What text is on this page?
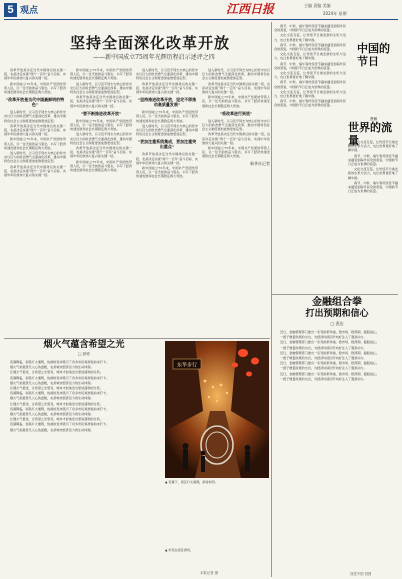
5 观点	江西日报	主编 责编 美编
2024年 星期
坚持全面深化改革开放
——新中国成立75周年光辉历程启示述评之四

改革开放是决定当代中国命运的关键一招，也是决定实现“两个一百年”奋斗目标、实现中华民族伟大复兴的关键一招。

新中国成立75年来，中国共产党团结带领人民，以一往无前的奋斗姿态，书写了经济快速发展和社会长期稳定两大奇迹。

“改革开放是当代中国最鲜明的特色”

进入新时代，以习近平同志为核心的党中央以巨大的政治勇气全面深化改革，推动中国特色社会主义制度更加成熟更加定型。

改革开放是决定当代中国命运的关键一招，也是决定实现“两个一百年”奋斗目标、实现中华民族伟大复兴的关键一招。

新中国成立75年来，中国共产党团结带领人民，以一往无前的奋斗姿态，书写了经济快速发展和社会长期稳定两大奇迹。

进入新时代，以习近平同志为核心的党中央以巨大的政治勇气全面深化改革，推动中国特色社会主义制度更加成熟更加定型。

改革开放是决定当代中国命运的关键一招，也是决定实现“两个一百年”奋斗目标、实现中华民族伟大复兴的关键一招。

新中国成立75年来，中国共产党团结带领人民，以一往无前的奋斗姿态，书写了经济快速发展和社会长期稳定两大奇迹。

进入新时代，以习近平同志为核心的党中央以巨大的政治勇气全面深化改革，推动中国特色社会主义制度更加成熟更加定型。

改革开放是决定当代中国命运的关键一招，也是决定实现“两个一百年”奋斗目标、实现中华民族伟大复兴的关键一招。

“要不断推进改革开放”

新中国成立75年来，中国共产党团结带领人民，以一往无前的奋斗姿态，书写了经济快速发展和社会长期稳定两大奇迹。

进入新时代，以习近平同志为核心的党中央以巨大的政治勇气全面深化改革，推动中国特色社会主义制度更加成熟更加定型。

改革开放是决定当代中国命运的关键一招，也是决定实现“两个一百年”奋斗目标、实现中华民族伟大复兴的关键一招。

新中国成立75年来，中国共产党团结带领人民，以一往无前的奋斗姿态，书写了经济快速发展和社会长期稳定两大奇迹。

进入新时代，以习近平同志为核心的党中央以巨大的政治勇气全面深化改革，推动中国特色社会主义制度更加成熟更加定型。

改革开放是决定当代中国命运的关键一招，也是决定实现“两个一百年”奋斗目标、实现中华民族伟大复兴的关键一招。

“坚持推进改革开放，坚定不移推动高质量发展”

新中国成立75年来，中国共产党团结带领人民，以一往无前的奋斗姿态，书写了经济快速发展和社会长期稳定两大奇迹。

进入新时代，以习近平同志为核心的党中央以巨大的政治勇气全面深化改革，推动中国特色社会主义制度更加成熟更加定型。

“更加注重系统集成，更加注重突出重点”

改革开放是决定当代中国命运的关键一招，也是决定实现“两个一百年”奋斗目标、实现中华民族伟大复兴的关键一招。

新中国成立75年来，中国共产党团结带领人民，以一往无前的奋斗姿态，书写了经济快速发展和社会长期稳定两大奇迹。

进入新时代，以习近平同志为核心的党中央以巨大的政治勇气全面深化改革，推动中国特色社会主义制度更加成熟更加定型。

改革开放是决定当代中国命运的关键一招，也是决定实现“两个一百年”奋斗目标、实现中华民族伟大复兴的关键一招。

新中国成立75年来，中国共产党团结带领人民，以一往无前的奋斗姿态，书写了经济快速发展和社会长期稳定两大奇迹。

“将改革进行到底”

进入新时代，以习近平同志为核心的党中央以巨大的政治勇气全面深化改革，推动中国特色社会主义制度更加成熟更加定型。

改革开放是决定当代中国命运的关键一招，也是决定实现“两个一百年”奋斗目标、实现中华民族伟大复兴的关键一招。

新中国成立75年来，中国共产党团结带领人民，以一往无前的奋斗姿态，书写了经济快速发展和社会长期稳定两大奇迹。

新华社记者

春节、中秋、端午等传统佳节越来越受到海外民众的喜爱，中国的节日正成为世界的流量。

文化交流互鉴，让传统节日焕发新的生机与活力，也让世界更好地了解中国。

春节、中秋、端午等传统佳节越来越受到海外民众的喜爱，中国的节日正成为世界的流量。

文化交流互鉴，让传统节日焕发新的生机与活力，也让世界更好地了解中国。

春节、中秋、端午等传统佳节越来越受到海外民众的喜爱，中国的节日正成为世界的流量。

文化交流互鉴，让传统节日焕发新的生机与活力，也让世界更好地了解中国。

春节、中秋、端午等传统佳节越来越受到海外民众的喜爱，中国的节日正成为世界的流量。

文化交流互鉴，让传统节日焕发新的生机与活力，也让世界更好地了解中国。

春节、中秋、端午等传统佳节越来越受到海外民众的喜爱，中国的节日正成为世界的流量。

中国的节日
曹鹏
世界的流量

文化交流互鉴，让传统节日焕发新的生机与活力，也让世界更好地了解中国。

春节、中秋、端午等传统佳节越来越受到海外民众的喜爱，中国的节日正成为世界的流量。

文化交流互鉴，让传统节日焕发新的生机与活力，也让世界更好地了解中国。

春节、中秋、端午等传统佳节越来越受到海外民众的喜爱，中国的节日正成为世界的流量。

金融组合拳
打出预期和信心
□ 裴达

近日，金融管理部门推出一系列政策举措，稳市场、稳预期、提振信心。

一揽子增量政策的出台，为经济持续回升向好注入了强劲动力。

近日，金融管理部门推出一系列政策举措，稳市场、稳预期、提振信心。

一揽子增量政策的出台，为经济持续回升向好注入了强劲动力。

近日，金融管理部门推出一系列政策举措，稳市场、稳预期、提振信心。

一揽子增量政策的出台，为经济持续回升向好注入了强劲动力。

近日，金融管理部门推出一系列政策举措，稳市场、稳预期、提振信心。

一揽子增量政策的出台，为经济持续回升向好注入了强劲动力。

近日，金融管理部门推出一系列政策举措，稳市场、稳预期、提振信心。

一揽子增量政策的出台，为经济持续回升向好注入了强劲动力。

烟火气蕴含希望之光
□ 彭婷

夜幕降临，街巷灯火通明，热闹的夜市吸引了众多市民和游客前来打卡。

烟火气是最抚凡人心的温暖，也是城市经济活力的生动体现。

让烟火气更浓，让希望之光更亮，城市才能焕发出更加蓬勃的生机。

夜幕降临，街巷灯火通明，热闹的夜市吸引了众多市民和游客前来打卡。

烟火气是最抚凡人心的温暖，也是城市经济活力的生动体现。

让烟火气更浓，让希望之光更亮，城市才能焕发出更加蓬勃的生机。

夜幕降临，街巷灯火通明，热闹的夜市吸引了众多市民和游客前来打卡。

烟火气是最抚凡人心的温暖，也是城市经济活力的生动体现。

让烟火气更浓，让希望之光更亮，城市才能焕发出更加蓬勃的生机。

夜幕降临，街巷灯火通明，热闹的夜市吸引了众多市民和游客前来打卡。

烟火气是最抚凡人心的温暖，也是城市经济活力的生动体现。

让烟火气更浓，让希望之光更亮，城市才能焕发出更加蓬勃的生机。

夜幕降临，街巷灯火通明，热闹的夜市吸引了众多市民和游客前来打卡。

烟火气是最抚凡人心的温暖，也是城市经济活力的生动体现。

东华步行
▲ 夜幕下，街区灯火璀璨，游客如织。
▲ 市民在街区游玩。
本报记者 摄	视觉中国 供图
